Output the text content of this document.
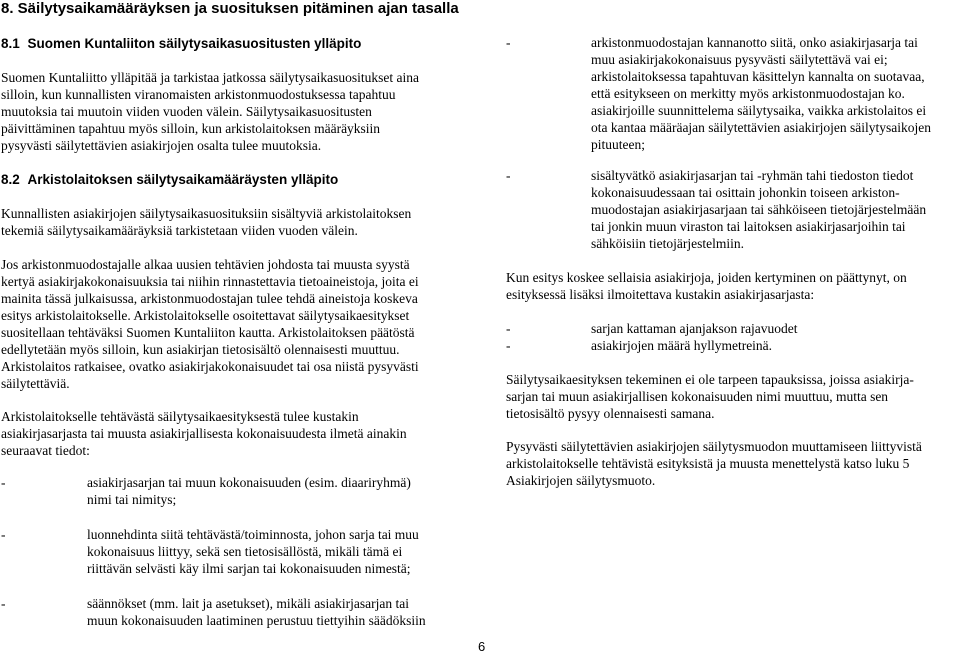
8. Säilytysaikamääräyksen ja suosituksen pitäminen ajan tasalla
8.1 Suomen Kuntaliiton säilytysaikasuositusten ylläpito
Suomen Kuntaliitto ylläpitää ja tarkistaa jatkossa säilytysaikasuositukset aina
silloin, kun kunnallisten viranomaisten arkistonmuodostuksessa tapahtuu
muutoksia tai muutoin viiden vuoden välein. Säilytysaikasuositusten
päivittäminen tapahtuu myös silloin, kun arkistolaitoksen määräyksiin
pysyvästi säilytettävien asiakirjojen osalta tulee muutoksia.
8.2 Arkistolaitoksen säilytysaikamääräysten ylläpito
Kunnallisten asiakirjojen säilytysaikasuosituksiin sisältyviä arkistolaitoksen
tekemiä säilytysaikamääräyksiä tarkistetaan viiden vuoden välein.
Jos arkistonmuodostajalle alkaa uusien tehtävien johdosta tai muusta syystä
kertyä asiakirjakokonaisuuksia tai niihin rinnastettavia tietoaineistoja, joita ei
mainita tässä julkaisussa, arkistonmuodostajan tulee tehdä aineistoja koskeva
esitys arkistolaitokselle. Arkistolaitokselle osoitettavat säilytysaikaesitykset
suositellaan tehtäväksi Suomen Kuntaliiton kautta. Arkistolaitoksen päätöstä
edellytetään myös silloin, kun asiakirjan tietosisältö olennaisesti muuttuu.
Arkistolaitos ratkaisee, ovatko asiakirjakokonaisuudet tai osa niistä pysyvästi
säilytettäviä.
Arkistolaitokselle tehtävästä säilytysaikaesityksestä tulee kustakin
asiakirjasarjasta tai muusta asiakirjallisesta kokonaisuudesta ilmetä ainakin
seuraavat tiedot:
-	asiakirjasarjan tai muun kokonaisuuden (esim. diaariryhmä)
nimi tai nimitys;
-	luonnehdinta siitä tehtävästä/toiminnosta, johon sarja tai muu
kokonaisuus liittyy, sekä sen tietosisällöstä, mikäli tämä ei
riittävän selvästi käy ilmi sarjan tai kokonaisuuden nimestä;
-	säännökset (mm. lait ja asetukset), mikäli asiakirjasarjan tai
muun kokonaisuuden laatiminen perustuu tiettyihin säädöksiin
-	arkistonmuodostajan kannanotto siitä, onko asiakirjasarja tai
muu asiakirjakokonaisuus pysyvästi säilytettävä vai ei;
arkistolaitoksessa tapahtuvan käsittelyn kannalta on suotavaa,
että esitykseen on merkitty myös arkistonmuodostajan ko.
asiakirjoille suunnittelema säilytysaika, vaikka arkistolaitos ei
ota kantaa määräajan säilytettävien asiakirjojen säilytysaikojen
pituuteen;
-	sisältyvätkö asiakirjasarjan tai -ryhmän tahi tiedoston tiedot
kokonaisuudessaan tai osittain johonkin toiseen arkiston-
muodostajan asiakirjasarjaan tai sähköiseen tietojärjestelmään
tai jonkin muun viraston tai laitoksen asiakirjasarjoihin tai
sähköisiin tietojärjestelmiin.
Kun esitys koskee sellaisia asiakirjoja, joiden kertyminen on päättynyt, on
esityksessä lisäksi ilmoitettava kustakin asiakirjasarjasta:
-	sarjan kattaman ajanjakson rajavuodet
-	asiakirjojen määrä hyllymetreinä.
Säilytysaikaesityksen tekeminen ei ole tarpeen tapauksissa, joissa asiakirja-
sarjan tai muun asiakirjallisen kokonaisuuden nimi muuttuu, mutta sen
tietosisältö pysyy olennaisesti samana.
Pysyvästi säilytettävien asiakirjojen säilytysmuodon muuttamiseen liittyvistä
arkistolaitokselle tehtävistä esityksistä ja muusta menettelystä katso luku 5
Asiakirjojen säilytysmuoto.
6
